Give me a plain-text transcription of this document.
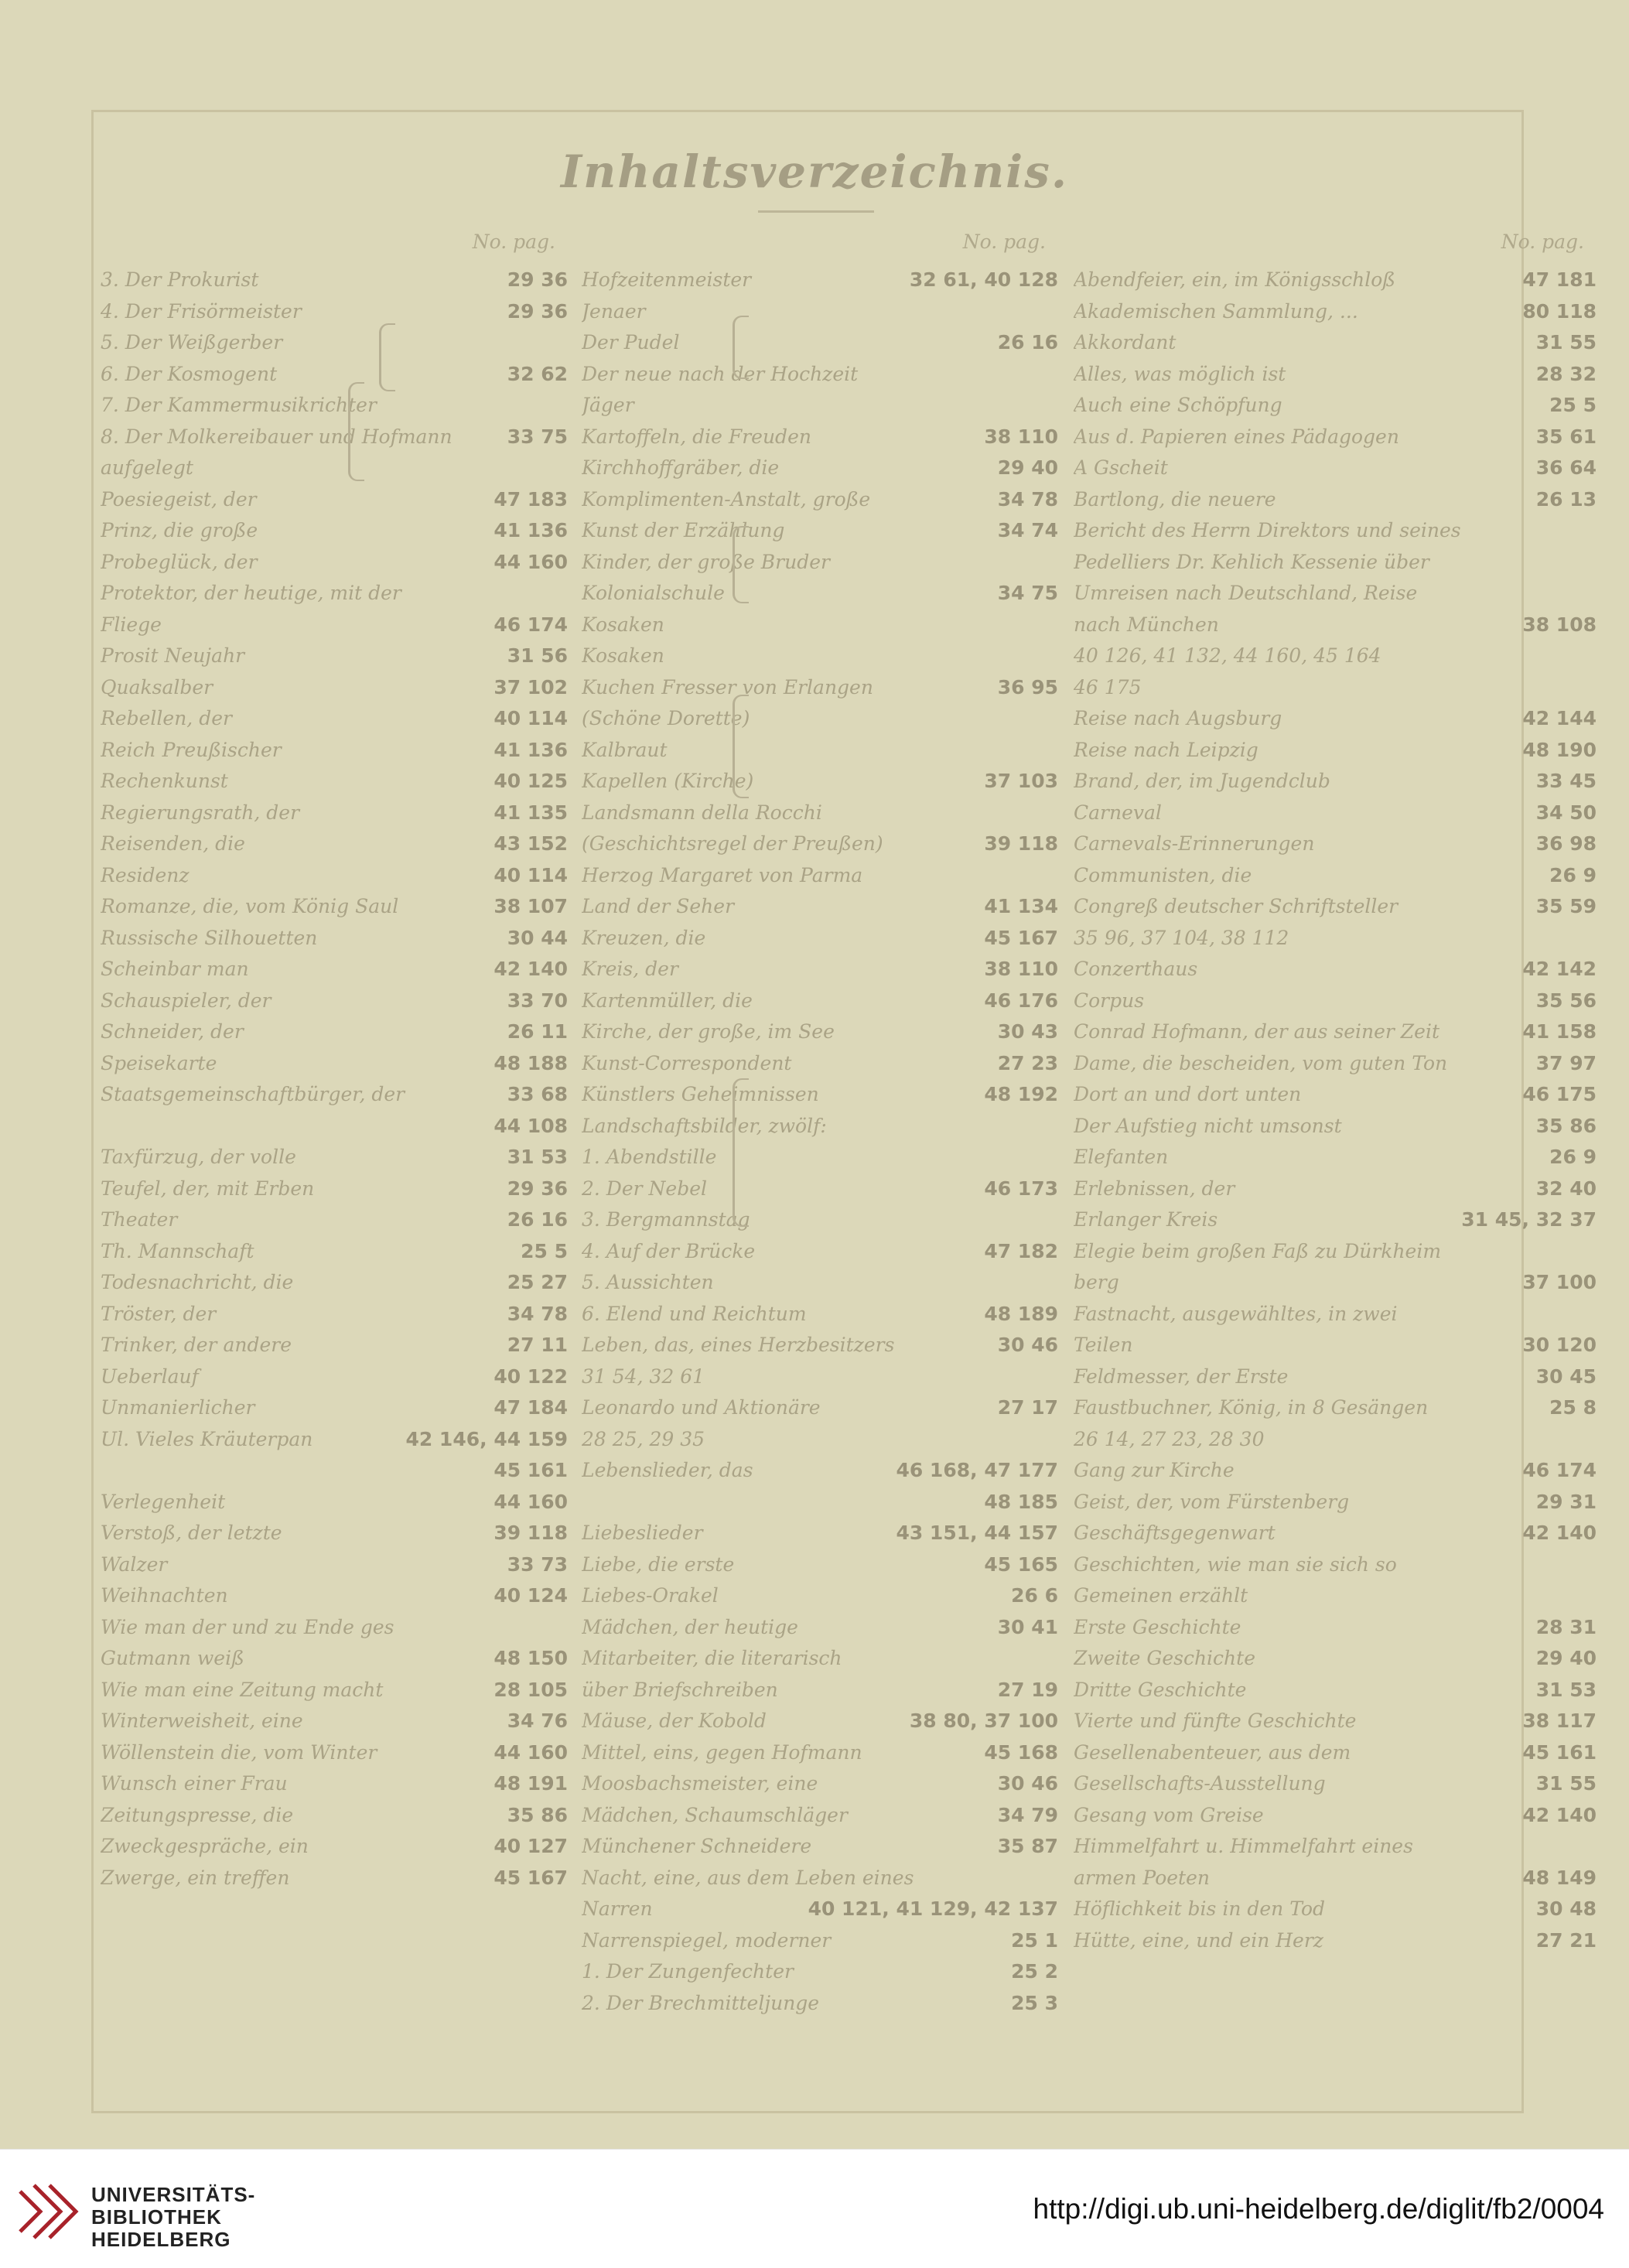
Inhaltsverzeichnis.
No. pag.
3. Der Prokurist	29 36
4. Der Frisörmeister	29 36
5. Der Weißgerber
6. Der Kosmogent	32 62
7. Der Kammermusikrichter
8. Der Molkereibauer und Hofmann	33 75
aufgelegt
Poesiegeist, der	47 183
Prinz, die große	41 136
Probeglück, der	44 160
Protektor, der heutige, mit der
Fliege	46 174
Prosit Neujahr	31 56
Quaksalber	37 102
Rebellen, der	40 114
Reich Preußischer	41 136
Rechenkunst	40 125
Regierungsrath, der	41 135
Reisenden, die	43 152
Residenz	40 114
Romanze, die, vom König Saul	38 107
Russische Silhouetten	30 44
Scheinbar man	42 140
Schauspieler, der	33 70
Schneider, der	26 11
Speisekarte	48 188
Staatsgemeinschaftbürger, der	33 68
44 108
Taxfürzug, der volle	31 53
Teufel, der, mit Erben	29 36
Theater	26 16
Th. Mannschaft	25 5
Todesnachricht, die	25 27
Tröster, der	34 78
Trinker, der andere	27 11
Ueberlauf	40 122
Unmanierlicher	47 184
Ul. Vieles Kräuterpan	42 146, 44 159
45 161
Verlegenheit	44 160
Verstoß, der letzte	39 118
Walzer	33 73
Weihnachten	40 124
Wie man der und zu Ende ges
Gutmann weiß	48 150
Wie man eine Zeitung macht	28 105
Winterweisheit, eine	34 76
Wöllenstein die, vom Winter	44 160
Wunsch einer Frau	48 191
Zeitungspresse, die	35 86
Zweckgespräche, ein	40 127
Zwerge, ein treffen	45 167
No. pag.
Hofzeitenmeister	32 61, 40 128
Jenaer
Der Pudel	26 16
Der neue nach der Hochzeit
Jäger
Kartoffeln, die Freuden	38 110
Kirchhoffgräber, die	29 40
Komplimenten-Anstalt, große	34 78
Kunst der Erzählung	34 74
Kinder, der große Bruder
Kolonialschule	34 75
Kosaken
Kosaken
Kuchen Fresser von Erlangen	36 95
(Schöne Dorette)
Kalbraut
Kapellen (Kirche)	37 103
Landsmann della Rocchi
(Geschichtsregel der Preußen)	39 118
Herzog Margaret von Parma
Land der Seher	41 134
Kreuzen, die	45 167
Kreis, der	38 110
Kartenmüller, die	46 176
Kirche, der große, im See	30 43
Kunst-Correspondent	27 23
Künstlers Geheimnissen	48 192
Landschaftsbilder, zwölf:
1. Abendstille
2. Der Nebel	46 173
3. Bergmannstag
4. Auf der Brücke	47 182
5. Aussichten
6. Elend und Reichtum	48 189
Leben, das, eines Herzbesitzers	30 46
31 54, 32 61
Leonardo und Aktionäre	27 17
28 25, 29 35
Lebenslieder, das	46 168, 47 177
48 185
Liebeslieder	43 151, 44 157
Liebe, die erste	45 165
Liebes-Orakel	26 6
Mädchen, der heutige	30 41
Mitarbeiter, die literarisch
über Briefschreiben	27 19
Mäuse, der Kobold	38 80, 37 100
Mittel, eins, gegen Hofmann	45 168
Moosbachsmeister, eine	30 46
Mädchen, Schaumschläger	34 79
Münchener Schneidere	35 87
Nacht, eine, aus dem Leben eines
Narren	40 121, 41 129, 42 137
Narrenspiegel, moderner	25 1
1. Der Zungenfechter	25 2
2. Der Brechmitteljunge	25 3
No. pag.
Abendfeier, ein, im Königsschloß	47 181
Akademischen Sammlung, ...	80 118
Akkordant	31 55
Alles, was möglich ist	28 32
Auch eine Schöpfung	25 5
Aus d. Papieren eines Pädagogen	35 61
A Gscheit	36 64
Bartlong, die neuere	26 13
Bericht des Herrn Direktors und seines
Pedelliers Dr. Kehlich Kessenie über
Umreisen nach Deutschland, Reise
nach München	38 108
40 126, 41 132, 44 160, 45 164
46 175
Reise nach Augsburg	42 144
Reise nach Leipzig	48 190
Brand, der, im Jugendclub	33 45
Carneval	34 50
Carnevals-Erinnerungen	36 98
Communisten, die	26 9
Congreß deutscher Schriftsteller	35 59
35 96, 37 104, 38 112
Conzerthaus	42 142
Corpus	35 56
Conrad Hofmann, der aus seiner Zeit	41 158
Dame, die bescheiden, vom guten Ton	37 97
Dort an und dort unten	46 175
Der Aufstieg nicht umsonst	35 86
Elefanten	26 9
Erlebnissen, der	32 40
Erlanger Kreis	31 45, 32 37
Elegie beim großen Faß zu Dürkheim
berg	37 100
Fastnacht, ausgewähltes, in zwei
Teilen	30 120
Feldmesser, der Erste	30 45
Faustbuchner, König, in 8 Gesängen	25 8
26 14, 27 23, 28 30
Gang zur Kirche	46 174
Geist, der, vom Fürstenberg	29 31
Geschäftsgegenwart	42 140
Geschichten, wie man sie sich so
Gemeinen erzählt
Erste Geschichte	28 31
Zweite Geschichte	29 40
Dritte Geschichte	31 53
Vierte und fünfte Geschichte	38 117
Gesellenabenteuer, aus dem	45 161
Gesellschafts-Ausstellung	31 55
Gesang vom Greise	42 140
Himmelfahrt u. Himmelfahrt eines
armen Poeten	48 149
Höflichkeit bis in den Tod	30 48
Hütte, eine, und ein Herz	27 21
UNIVERSITÄTS-
BIBLIOTHEK
HEIDELBERG
http://digi.ub.uni-heidelberg.de/diglit/fb2/0004
